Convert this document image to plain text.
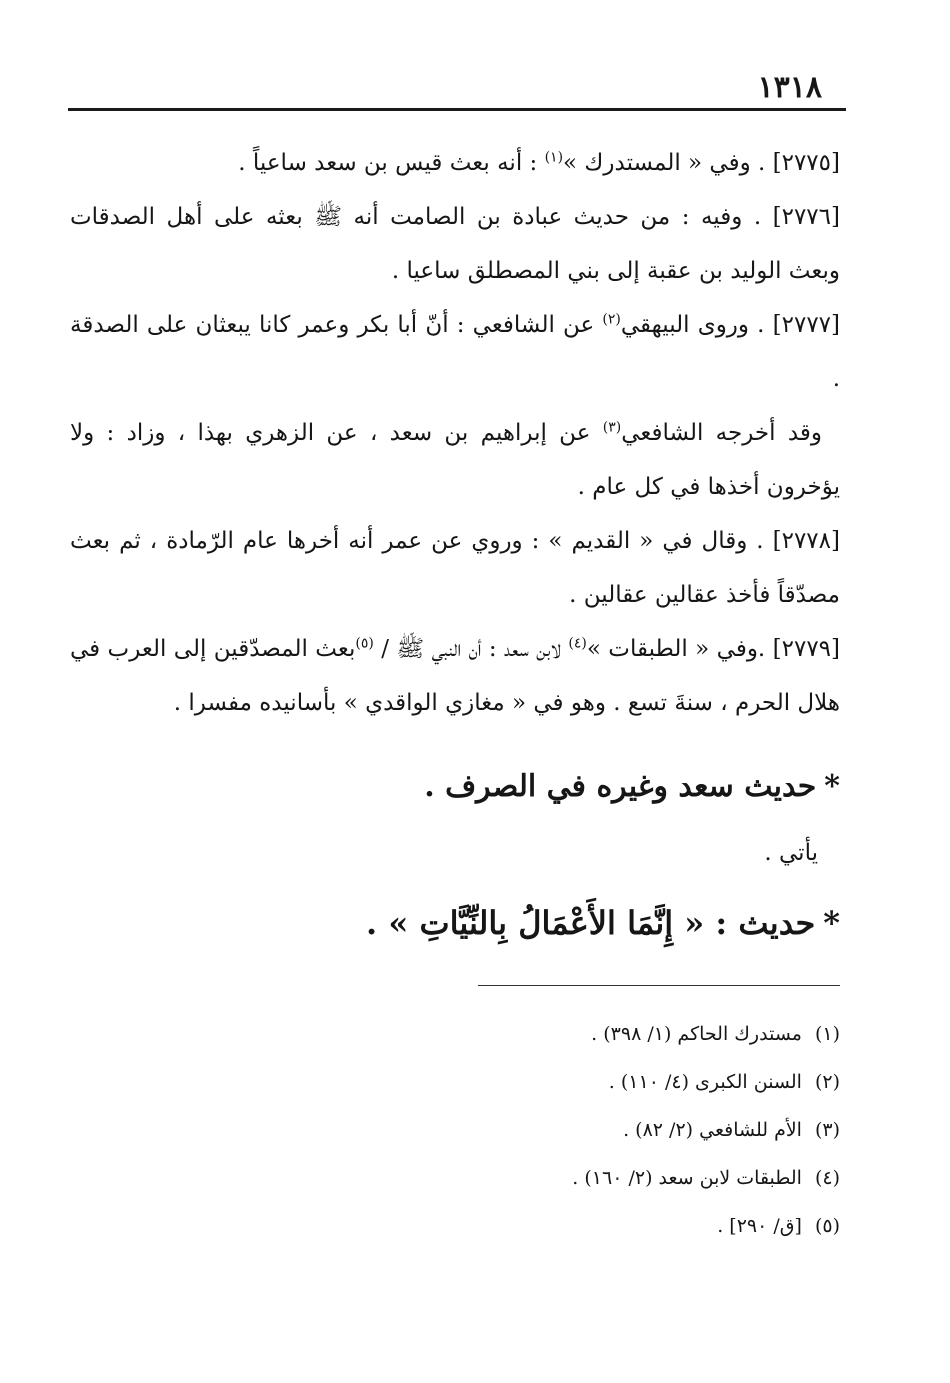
١٣١٨

[٢٧٧٥] . وفي « المستدرك »$^{(١)}$ : أنه بعث قيس بن سعد ساعياً .

[٢٧٧٦] . وفيه : من حديث عبادة بن الصامت أنه ﷺ بعثه على أهل الصدقات وبعث الوليد بن عقبة إلى بني المصطلق ساعيا .

[٢٧٧٧] . وروى البيهقي$^{(٢)}$ عن الشافعي : أنّ أبا بكر وعمر كانا يبعثان على الصدقة .

وقد أخرجه الشافعي$^{(٣)}$ عن إبراهيم بن سعد ، عن الزهري بهذا ، وزاد : ولا يؤخرون أخذها في كل عام .

[٢٧٧٨] . وقال في « القديم » : وروي عن عمر أنه أخرها عام الرّمادة ، ثم بعث مصدّقاً فأخذ عقالين عقالين .

[٢٧٧٩] .وفي « الطبقات »$^{(٤)}$ لابن سعد : أن النبي ﷺ / $^{(٥)}$بعث المصدّقين إلى العرب في هلال الحرم ، سنةَ تسع . وهو في « مغازي الواقدي » بأسانيده مفسرا .

*حديث سعد وغيره في الصرف .

يأتي .

*حديث : « إِنَّمَا الأَعْمَالُ بِالنِّيَّاتِ » .
(١) مستدرك الحاكم (١/ ٣٩٨) .
(٢) السنن الكبرى (٤/ ١١٠) .
(٣) الأم للشافعي (٢/ ٨٢) .
(٤) الطبقات لابن سعد (٢/ ١٦٠) .
(٥) [ق/ ٢٩٠] .
